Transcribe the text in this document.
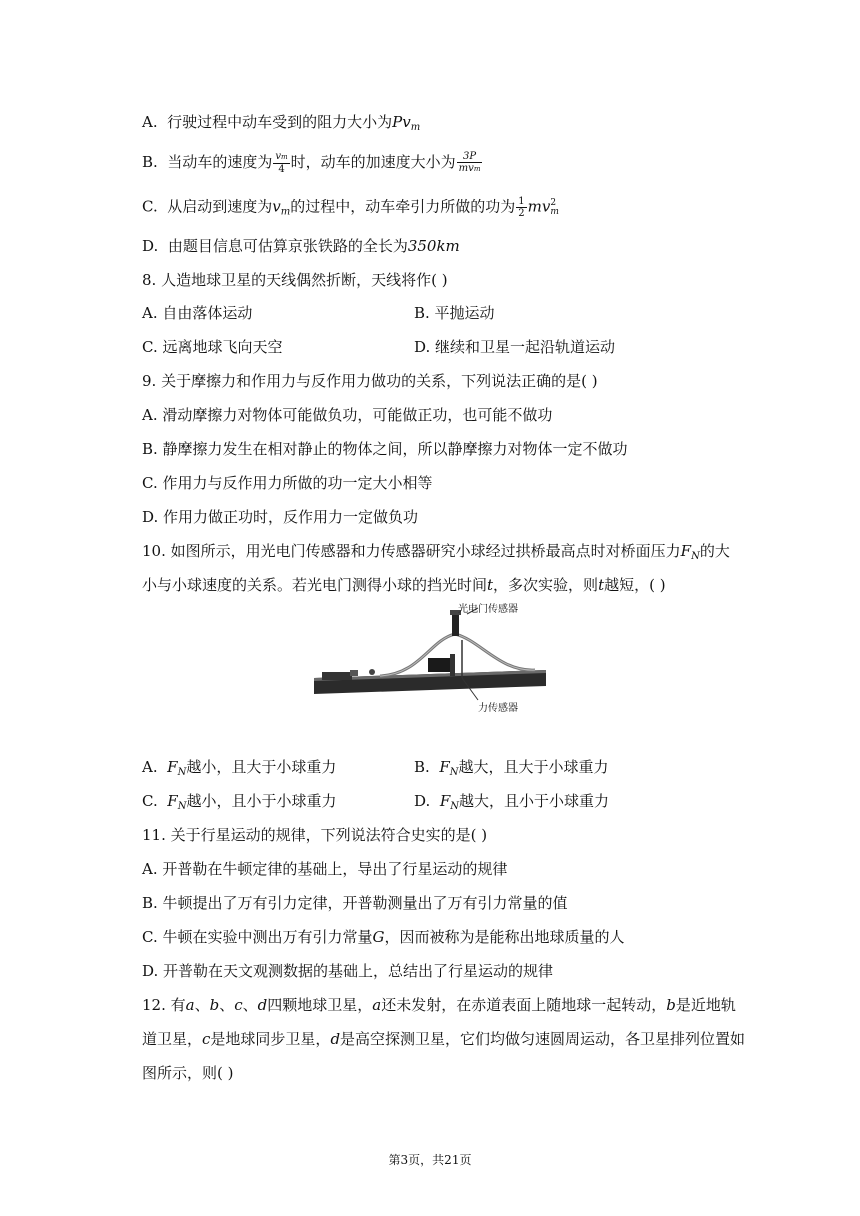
A. 行驶过程中动车受到的阻力大小为$Pv_m$
B. 当动车的速度为 $\frac{vm}{4}$ 时，动车的加速度大小为 $\frac{3P}{\text{mvm}}$
C. 从启动到速度为$v_m$的过程中，动车牵引力所做的功为 $\frac{1}{2}$ mv 2
m
D. 由题目信息可估算京张铁路的全长为350km
8. 人造地球卫星的天线偶然折断，天线将作( )
A. 自由落体运动	B. 平抛运动
C. 远离地球飞向天空	D. 继续和卫星一起沿轨道运动
9. 关于摩擦力和作用力与反作用力做功的关系，下列说法正确的是( )
A. 滑动摩擦力对物体可能做负功，可能做正功，也可能不做功
B. 静摩擦力发生在相对静止的物体之间，所以静摩擦力对物体一定不做功
C. 作用力与反作用力所做的功一定大小相等
D. 作用力做正功时，反作用力一定做负功
10. 如图所示，用光电门传感器和力传感器研究小球经过拱桥最高点时对桥面压力$F_N$的大
小与小球速度的关系。若光电门测得小球的挡光时间t，多次实验，则t越短，( )
光电门传感器
力传感器
A. $F_N$越小，且大于小球重力	B. $F_N$越大，且大于小球重力
C. $F_N$越小，且小于小球重力	D. $F_N$越大，且小于小球重力
11. 关于行星运动的规律，下列说法符合史实的是( )
A. 开普勒在牛顿定律的基础上，导出了行星运动的规律
B. 牛顿提出了万有引力定律，开普勒测量出了万有引力常量的值
C. 牛顿在实验中测出万有引力常量G，因而被称为是能称出地球质量的人
D. 开普勒在天文观测数据的基础上，总结出了行星运动的规律
12. 有a、b、c、d四颗地球卫星，a还未发射，在赤道表面上随地球一起转动，b是近地轨
道卫星，c是地球同步卫星，d是高空探测卫星，它们均做匀速圆周运动，各卫星排列位置如
图所示，则( )
第3页，共21页
